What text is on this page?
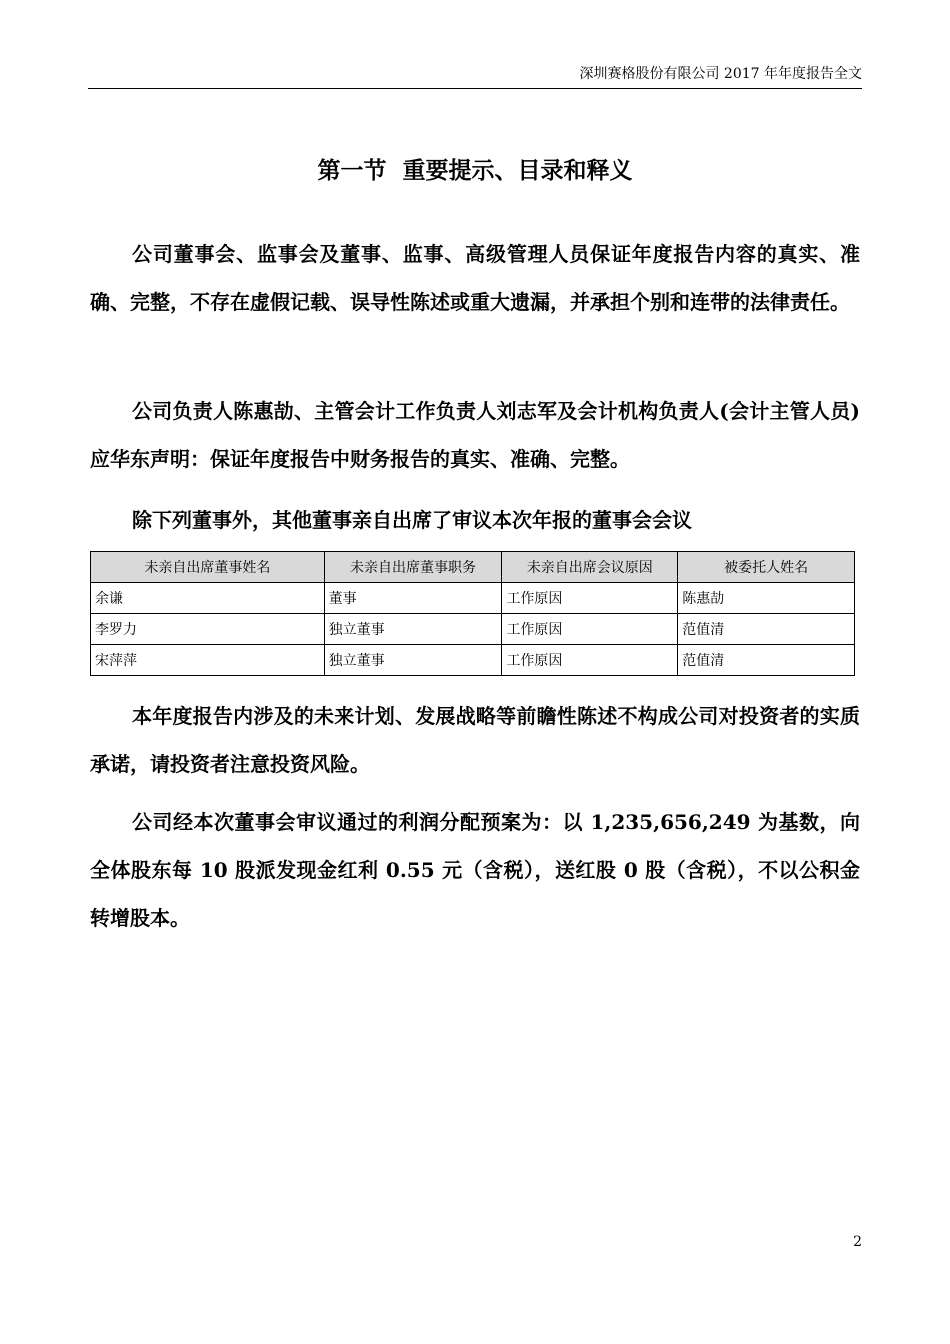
深圳赛格股份有限公司 2017 年年度报告全文
第一节  重要提示、目录和释义

公司董事会、监事会及董事、监事、高级管理人员保证年度报告内容的真实、准确、完整，不存在虚假记载、误导性陈述或重大遗漏，并承担个别和连带的法律责任。

公司负责人陈惠劼、主管会计工作负责人刘志军及会计机构负责人(会计主管人员)应华东声明：保证年度报告中财务报告的真实、准确、完整。

除下列董事外，其他董事亲自出席了审议本次年报的董事会会议

未亲自出席董事姓名	未亲自出席董事职务	未亲自出席会议原因	被委托人姓名
余谦	董事	工作原因	陈惠劼
李罗力	独立董事	工作原因	范值清
宋萍萍	独立董事	工作原因	范值清

本年度报告内涉及的未来计划、发展战略等前瞻性陈述不构成公司对投资者的实质承诺，请投资者注意投资风险。

公司经本次董事会审议通过的利润分配预案为：以 1,235,656,249 为基数，向全体股东每 10 股派发现金红利 0.55 元（含税），送红股 0 股（含税），不以公积金转增股本。

2
